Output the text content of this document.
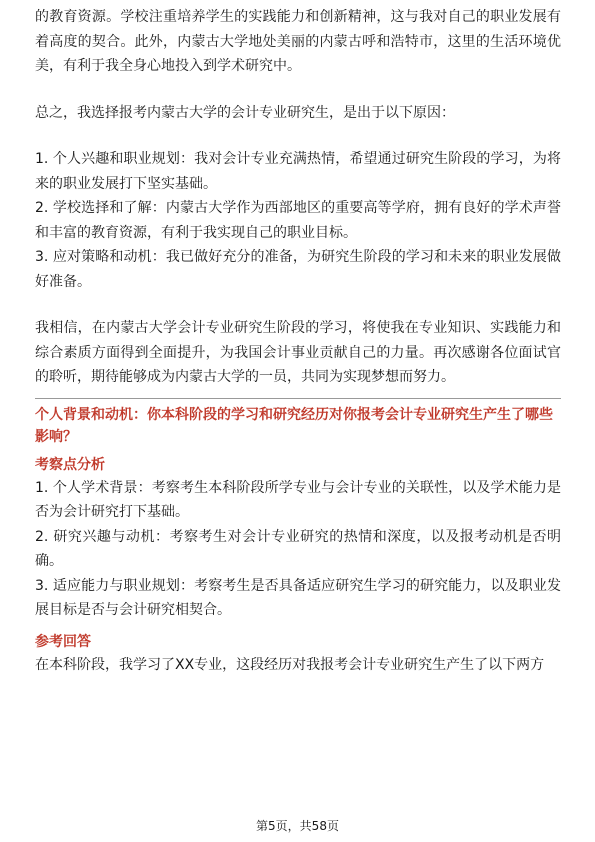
的教育资源。学校注重培养学生的实践能力和创新精神，这与我对自己的职业发展有着高度的契合。此外，内蒙古大学地处美丽的内蒙古呼和浩特市，这里的生活环境优美，有利于我全身心地投入到学术研究中。

总之，我选择报考内蒙古大学的会计专业研究生，是出于以下原因：

1. 个人兴趣和职业规划：我对会计专业充满热情，希望通过研究生阶段的学习，为将来的职业发展打下坚实基础。

2. 学校选择和了解：内蒙古大学作为西部地区的重要高等学府，拥有良好的学术声誉和丰富的教育资源，有利于我实现自己的职业目标。

3. 应对策略和动机：我已做好充分的准备，为研究生阶段的学习和未来的职业发展做好准备。

我相信，在内蒙古大学会计专业研究生阶段的学习，将使我在专业知识、实践能力和综合素质方面得到全面提升，为我国会计事业贡献自己的力量。再次感谢各位面试官的聆听，期待能够成为内蒙古大学的一员，共同为实现梦想而努力。

个人背景和动机：你本科阶段的学习和研究经历对你报考会计专业研究生产生了哪些影响？

考察点分析

1. 个人学术背景：考察考生本科阶段所学专业与会计专业的关联性，以及学术能力是否为会计研究打下基础。

2. 研究兴趣与动机：考察考生对会计专业研究的热情和深度，以及报考动机是否明确。

3. 适应能力与职业规划：考察考生是否具备适应研究生学习的研究能力，以及职业发展目标是否与会计研究相契合。

参考回答

在本科阶段，我学习了XX专业，这段经历对我报考会计专业研究生产生了以下两方

第5页，共58页
